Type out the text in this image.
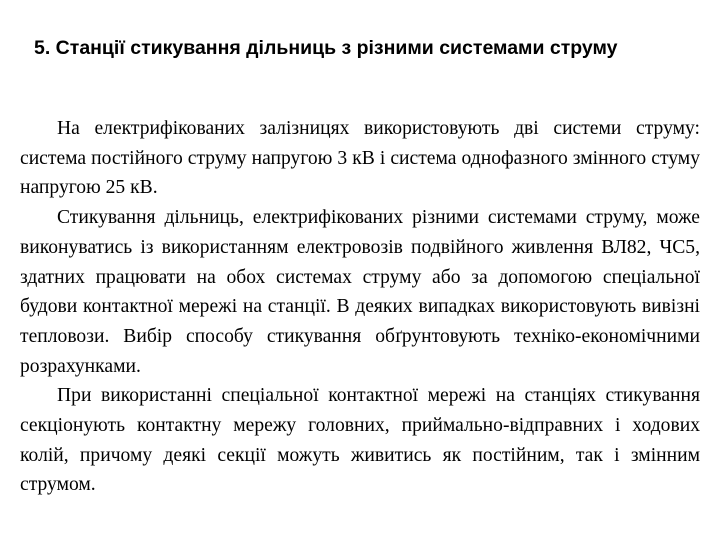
5. Станції стикування дільниць з різними системами струму

На електрифікованих залізницях використовують дві системи струму: система постійного струму напругою 3 кВ і система однофазного змінного стуму напругою 25 кВ.

Стикування дільниць, електрифікованих різними системами струму, може виконуватись із використанням електровозів подвійного живлення ВЛ82, ЧС5, здатних працювати на обох системах струму або за допомогою спеціальної будови контактної мережі на станції. В деяких випадках використовують вивізні тепловози. Вибір способу стикування обґрунтовують техніко-економічними розрахунками.

При використанні спеціальної контактної мережі на станціях стикування секціонують контактну мережу головних, приймально-відправних і ходових колій, причому деякі секції можуть живитись як постійним, так і змінним струмом.
